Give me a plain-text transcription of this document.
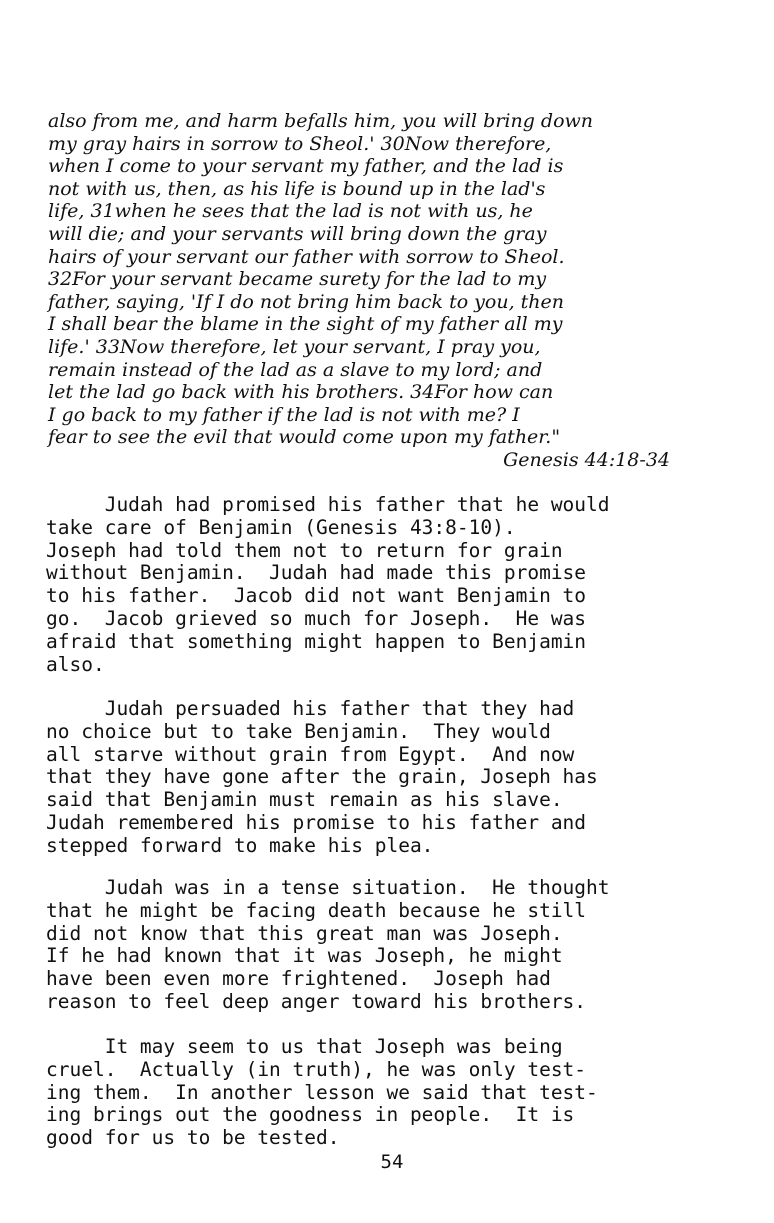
also from me, and harm befalls him, you will bring down
my gray hairs in sorrow to Sheol.' 30Now therefore,
when I come to your servant my father, and the lad is
not with us, then, as his life is bound up in the lad's
life, 31when he sees that the lad is not with us, he
will die; and your servants will bring down the gray
hairs of your servant our father with sorrow to Sheol.
32For your servant became surety for the lad to my
father, saying, 'If I do not bring him back to you, then
I shall bear the blame in the sight of my father all my
life.' 33Now therefore, let your servant, I pray you,
remain instead of the lad as a slave to my lord; and
let the lad go back with his brothers. 34For how can
I go back to my father if the lad is not with me? I
fear to see the evil that would come upon my father."
Genesis 44:18-34
Judah had promised his father that he would
take care of Benjamin (Genesis 43:8-10).
Joseph had told them not to return for grain
without Benjamin.  Judah had made this promise
to his father.  Jacob did not want Benjamin to
go.  Jacob grieved so much for Joseph.  He was
afraid that something might happen to Benjamin
also.
Judah persuaded his father that they had
no choice but to take Benjamin.  They would
all starve without grain from Egypt.  And now
that they have gone after the grain, Joseph has
said that Benjamin must remain as his slave.
Judah remembered his promise to his father and
stepped forward to make his plea.
Judah was in a tense situation.  He thought
that he might be facing death because he still
did not know that this great man was Joseph.
If he had known that it was Joseph, he might
have been even more frightened.  Joseph had
reason to feel deep anger toward his brothers.
It may seem to us that Joseph was being
cruel.  Actually (in truth), he was only test-
ing them.  In another lesson we said that test-
ing brings out the goodness in people.  It is
good for us to be tested.
54
